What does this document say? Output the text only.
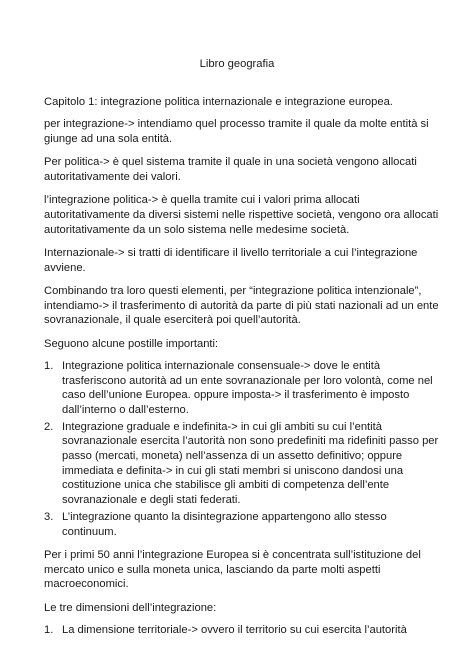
Libro geografia

Capitolo 1: integrazione politica internazionale e integrazione europea.

per integrazione-> intendiamo quel processo tramite il quale da molte entità si giunge ad una sola entità.

Per politica-> è quel sistema tramite il quale in una società vengono allocati autoritativamente dei valori.

l’integrazione politica-> è quella tramite cui i valori prima allocati autoritativamente da diversi sistemi nelle rispettive società, vengono ora allocati autoritativamente da un solo sistema nelle medesime società.

Internazionale-> si tratti di identificare il livello territoriale a cui l’integrazione avviene.

Combinando tra loro questi elementi, per “integrazione politica intenzionale”, intendiamo-> il trasferimento di autorità da parte di più stati nazionali ad un ente sovranazionale, il quale eserciterà poi quell’autorità.

Seguono alcune postille importanti:

1. Integrazione politica internazionale consensuale-> dove le entità trasferiscono autorità ad un ente sovranazionale per loro volontà, come nel caso dell’unione Europea. oppure imposta-> il trasferimento è imposto dall’interno o dall’esterno.
2. Integrazione graduale e indefinita-> in cui gli ambiti su cui l’entità sovranazionale esercita l’autorità non sono predefiniti ma ridefiniti passo per passo (mercati, moneta) nell’assenza di un assetto definitivo; oppure immediata e definita-> in cui gli stati membri si uniscono dandosi una costituzione unica che stabilisce gli ambiti di competenza dell’ente sovranazionale e degli stati federati.
3. L’integrazione quanto la disintegrazione appartengono allo stesso continuum.

Per i primi 50 anni l’integrazione Europea si è concentrata sull’istituzione del mercato unico e sulla moneta unica, lasciando da parte molti aspetti macroeconomici.

Le tre dimensioni dell’integrazione:

1. La dimensione territoriale-> ovvero il territorio su cui esercita l’autorità
